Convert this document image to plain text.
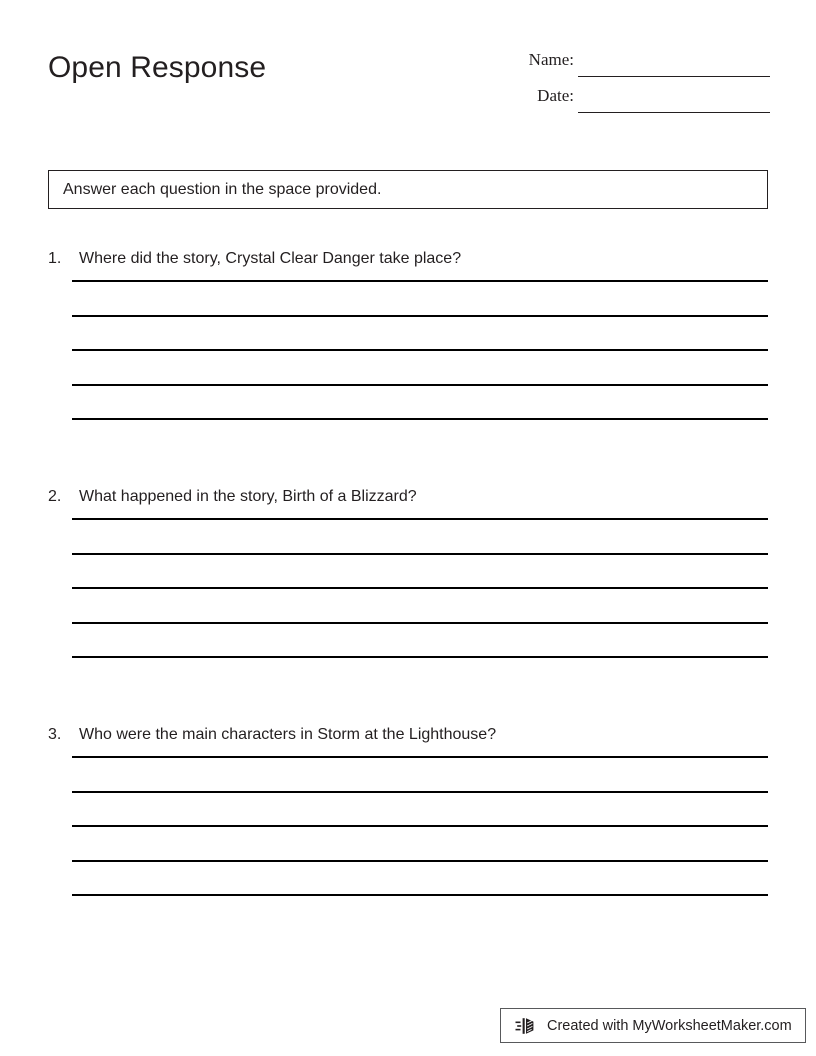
Open Response	Name:
Date:
Answer each question in the space provided.
1.	Where did the story, Crystal Clear Danger take place?
2.	What happened in the story, Birth of a Blizzard?
3.	Who were the main characters in Storm at the Lighthouse?
Created with MyWorksheetMaker.com
